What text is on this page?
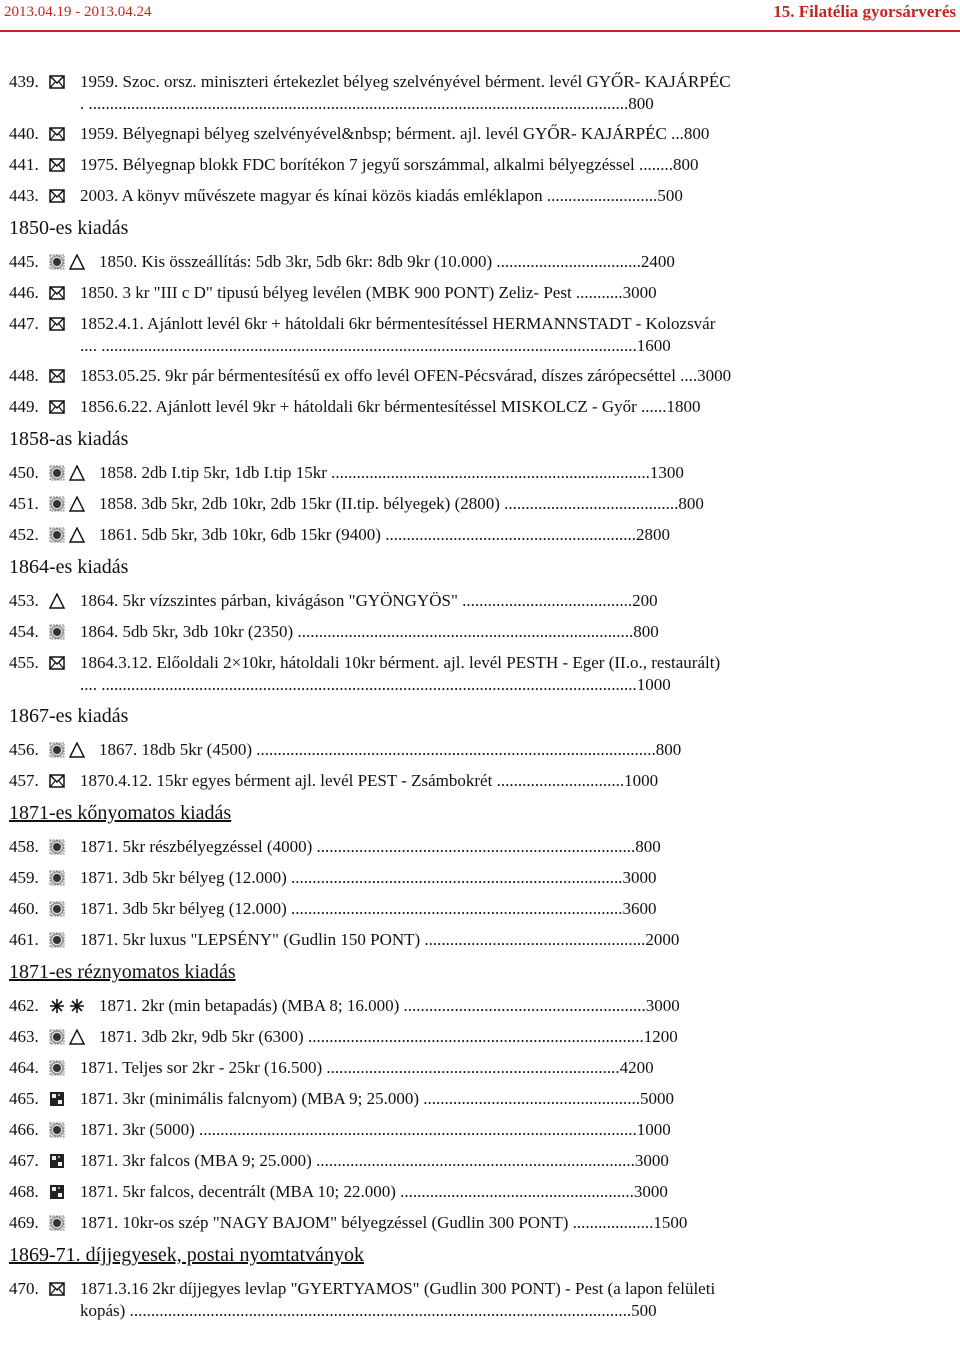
2013.04.19 - 2013.04.24	15. Filatélia gyorsárverés
439. 1959. Szoc. orsz. miniszteri értekezlet bélyeg szelvényével bérment. levél GYŐR- KAJÁRPÉC
. ...............................................................................................................................800
440. 1959. Bélyegnapi bélyeg szelvényével&nbsp; bérment. ajl. levél GYŐR- KAJÁRPÉC ...800
441. 1975. Bélyegnap blokk FDC borítékon 7 jegyű sorszámmal, alkalmi bélyegzéssel ........800
443. 2003. A könyv művészete magyar és kínai közös kiadás emléklapon ..........................500
1850-es kiadás
445.	1850. Kis összeállítás: 5db 3kr, 5db 6kr: 8db 9kr (10.000) ..................................2400
446. 1850. 3 kr "III c D" tipusú bélyeg levélen (MBK 900 PONT) Zeliz- Pest ...........3000
447. 1852.4.1. Ajánlott levél 6kr + hátoldali 6kr bérmentesítéssel HERMANNSTADT - Kolozsvár
.... ..............................................................................................................................1600
448. 1853.05.25. 9kr pár bérmentesítésű ex offo levél OFEN-Pécsvárad, díszes zárópecséttel ....3000
449. 1856.6.22. Ajánlott levél 9kr + hátoldali 6kr bérmentesítéssel MISKOLCZ - Győr ......1800
1858-as kiadás
450.	1858. 2db I.tip 5kr, 1db I.tip 15kr ...........................................................................1300
451.	1858. 3db 5kr, 2db 10kr, 2db 15kr (II.tip. bélyegek) (2800) .........................................800
452.	1861. 5db 5kr, 3db 10kr, 6db 15kr (9400) ...........................................................2800
1864-es kiadás
453. 1864. 5kr vízszintes párban, kivágáson "GYÖNGYÖS" ........................................200
454. 1864. 5db 5kr, 3db 10kr (2350) ...............................................................................800
455. 1864.3.12. Előoldali 2×10kr, hátoldali 10kr bérment. ajl. levél PESTH - Eger (II.o., restaurált)
.... ..............................................................................................................................1000
1867-es kiadás
456.	1867. 18db 5kr (4500) ..............................................................................................800
457. 1870.4.12. 15kr egyes bérment ajl. levél PEST - Zsámbokrét ..............................1000
1871-es kőnyomatos kiadás
458. 1871. 5kr részbélyegzéssel (4000) ...........................................................................800
459. 1871. 3db 5kr bélyeg (12.000) ..............................................................................3000
460. 1871. 3db 5kr bélyeg (12.000) ..............................................................................3600
461. 1871. 5kr luxus "LEPSÉNY" (Gudlin 150 PONT) ....................................................2000
1871-es réznyomatos kiadás
462.	1871. 2kr (min betapadás) (MBA 8; 16.000) .........................................................3000
463.	1871. 3db 2kr, 9db 5kr (6300) ...............................................................................1200
464. 1871. Teljes sor 2kr - 25kr (16.500) .....................................................................4200
465. 1871. 3kr (minimális falcnyom) (MBA 9; 25.000) ...................................................5000
466. 1871. 3kr (5000) .......................................................................................................1000
467. 1871. 3kr falcos (MBA 9; 25.000) ...........................................................................3000
468. 1871. 5kr falcos, decentrált (MBA 10; 22.000) .......................................................3000
469. 1871. 10kr-os szép "NAGY BAJOM" bélyegzéssel (Gudlin 300 PONT) ...................1500
1869-71. díjjegyesek, postai nyomtatványok
470. 1871.3.16 2kr díjjegyes levlap "GYERTYAMOS" (Gudlin 300 PONT) - Pest (a lapon felületi
kopás) ......................................................................................................................500
